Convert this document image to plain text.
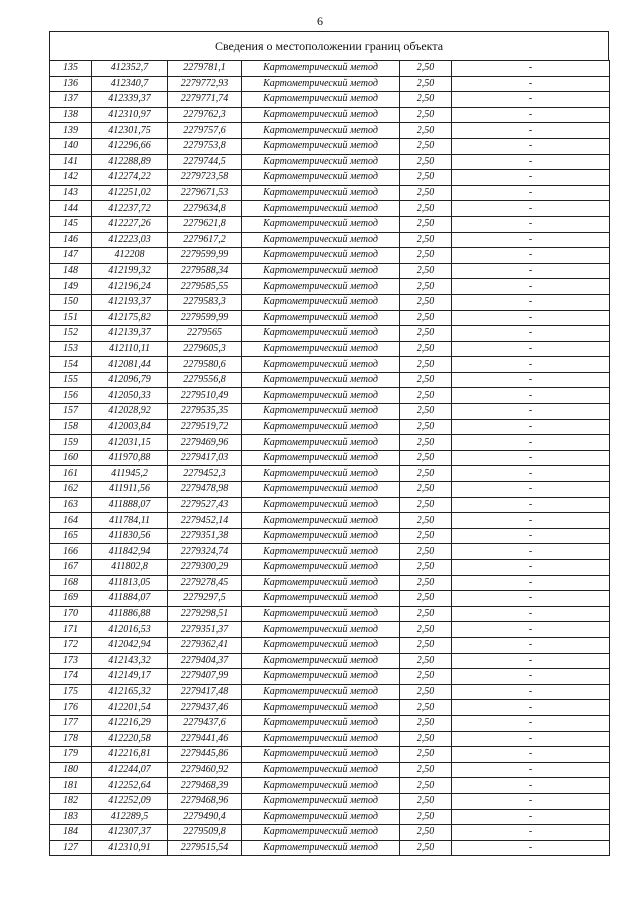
6
Сведения о местоположении границ объекта
135	412352,7	2279781,1	Картометрический метод	2,50	-
136	412340,7	2279772,93	Картометрический метод	2,50	-
137	412339,37	2279771,74	Картометрический метод	2,50	-
138	412310,97	2279762,3	Картометрический метод	2,50	-
139	412301,75	2279757,6	Картометрический метод	2,50	-
140	412296,66	2279753,8	Картометрический метод	2,50	-
141	412288,89	2279744,5	Картометрический метод	2,50	-
142	412274,22	2279723,58	Картометрический метод	2,50	-
143	412251,02	2279671,53	Картометрический метод	2,50	-
144	412237,72	2279634,8	Картометрический метод	2,50	-
145	412227,26	2279621,8	Картометрический метод	2,50	-
146	412223,03	2279617,2	Картометрический метод	2,50	-
147	412208	2279599,99	Картометрический метод	2,50	-
148	412199,32	2279588,34	Картометрический метод	2,50	-
149	412196,24	2279585,55	Картометрический метод	2,50	-
150	412193,37	2279583,3	Картометрический метод	2,50	-
151	412175,82	2279599,99	Картометрический метод	2,50	-
152	412139,37	2279565	Картометрический метод	2,50	-
153	412110,11	2279605,3	Картометрический метод	2,50	-
154	412081,44	2279580,6	Картометрический метод	2,50	-
155	412096,79	2279556,8	Картометрический метод	2,50	-
156	412050,33	2279510,49	Картометрический метод	2,50	-
157	412028,92	2279535,35	Картометрический метод	2,50	-
158	412003,84	2279519,72	Картометрический метод	2,50	-
159	412031,15	2279469,96	Картометрический метод	2,50	-
160	411970,88	2279417,03	Картометрический метод	2,50	-
161	411945,2	2279452,3	Картометрический метод	2,50	-
162	411911,56	2279478,98	Картометрический метод	2,50	-
163	411888,07	2279527,43	Картометрический метод	2,50	-
164	411784,11	2279452,14	Картометрический метод	2,50	-
165	411830,56	2279351,38	Картометрический метод	2,50	-
166	411842,94	2279324,74	Картометрический метод	2,50	-
167	411802,8	2279300,29	Картометрический метод	2,50	-
168	411813,05	2279278,45	Картометрический метод	2,50	-
169	411884,07	2279297,5	Картометрический метод	2,50	-
170	411886,88	2279298,51	Картометрический метод	2,50	-
171	412016,53	2279351,37	Картометрический метод	2,50	-
172	412042,94	2279362,41	Картометрический метод	2,50	-
173	412143,32	2279404,37	Картометрический метод	2,50	-
174	412149,17	2279407,99	Картометрический метод	2,50	-
175	412165,32	2279417,48	Картометрический метод	2,50	-
176	412201,54	2279437,46	Картометрический метод	2,50	-
177	412216,29	2279437,6	Картометрический метод	2,50	-
178	412220,58	2279441,46	Картометрический метод	2,50	-
179	412216,81	2279445,86	Картометрический метод	2,50	-
180	412244,07	2279460,92	Картометрический метод	2,50	-
181	412252,64	2279468,39	Картометрический метод	2,50	-
182	412252,09	2279468,96	Картометрический метод	2,50	-
183	412289,5	2279490,4	Картометрический метод	2,50	-
184	412307,37	2279509,8	Картометрический метод	2,50	-
127	412310,91	2279515,54	Картометрический метод	2,50	-
